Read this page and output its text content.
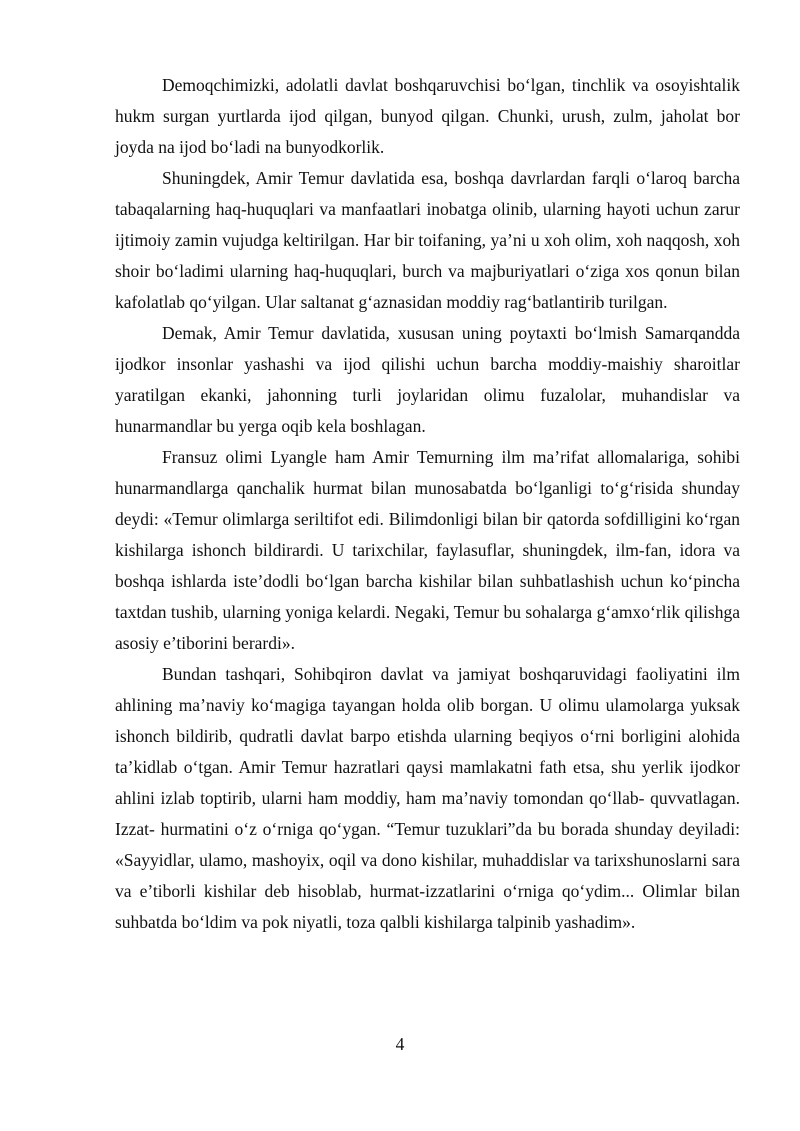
Demoqchimizki, adolatli davlat boshqaruvchisi bo‘lgan, tinchlik va osoyishtalik hukm surgan yurtlarda ijod qilgan, bunyod qilgan. Chunki, urush, zulm, jaholat bor joyda na ijod bo‘ladi na bunyodkorlik.

Shuningdek, Amir Temur davlatida esa, boshqa davrlardan farqli o‘laroq barcha tabaqalarning haq-huquqlari va manfaatlari inobatga olinib, ularning hayoti uchun zarur ijtimoiy zamin vujudga keltirilgan. Har bir toifaning, ya’ni u xoh olim, xoh naqqosh, xoh shoir bo‘ladimi ularning haq-huquqlari, burch va majburiyatlari o‘ziga xos qonun bilan kafolatlab qo‘yilgan. Ular saltanat g‘aznasidan moddiy rag‘batlantirib turilgan.

Demak, Amir Temur davlatida, xususan uning poytaxti bo‘lmish Samarqandda ijodkor insonlar yashashi va ijod qilishi uchun barcha moddiy-maishiy sharoitlar yaratilgan ekanki, jahonning turli joylaridan olimu fuzalolar, muhandislar va hunarmandlar bu yerga oqib kela boshlagan.

Fransuz olimi Lyangle ham Amir Temurning ilm ma’rifat allomalariga, sohibi hunarmandlarga qanchalik hurmat bilan munosabatda bo‘lganligi to‘g‘risida shunday deydi: «Temur olimlarga seriltifot edi. Bilimdonligi bilan bir qatorda sofdilligini ko‘rgan kishilarga ishonch bildirardi. U tarixchilar, faylasuflar, shuningdek, ilm-fan, idora va boshqa ishlarda iste’dodli bo‘lgan barcha kishilar bilan suhbatlashish uchun ko‘pincha taxtdan tushib, ularning yoniga kelardi. Negaki, Temur bu sohalarga g‘amxo‘rlik qilishga asosiy e’tiborini berardi».

Bundan tashqari, Sohibqiron davlat va jamiyat boshqaruvidagi faoliyatini ilm ahlining ma’naviy ko‘magiga tayangan holda olib borgan. U olimu ulamolarga yuksak ishonch bildirib, qudratli davlat barpo etishda ularning beqiyos o‘rni borligini alohida ta’kidlab o‘tgan. Amir Temur hazratlari qaysi mamlakatni fath etsa, shu yerlik ijodkor ahlini izlab toptirib, ularni ham moddiy, ham ma’naviy tomondan qo‘llab- quvvatlagan. Izzat- hurmatini o‘z o‘rniga qo‘ygan. “Temur tuzuklari”da bu borada shunday deyiladi: «Sayyidlar, ulamo, mashoyix, oqil va dono kishilar, muhaddislar va tarixshunoslarni sara va e’tiborli kishilar deb hisoblab, hurmat-izzatlarini o‘rniga qo‘ydim... Olimlar bilan suhbatda bo‘ldim va pok niyatli, toza qalbli kishilarga talpinib yashadim».

4
